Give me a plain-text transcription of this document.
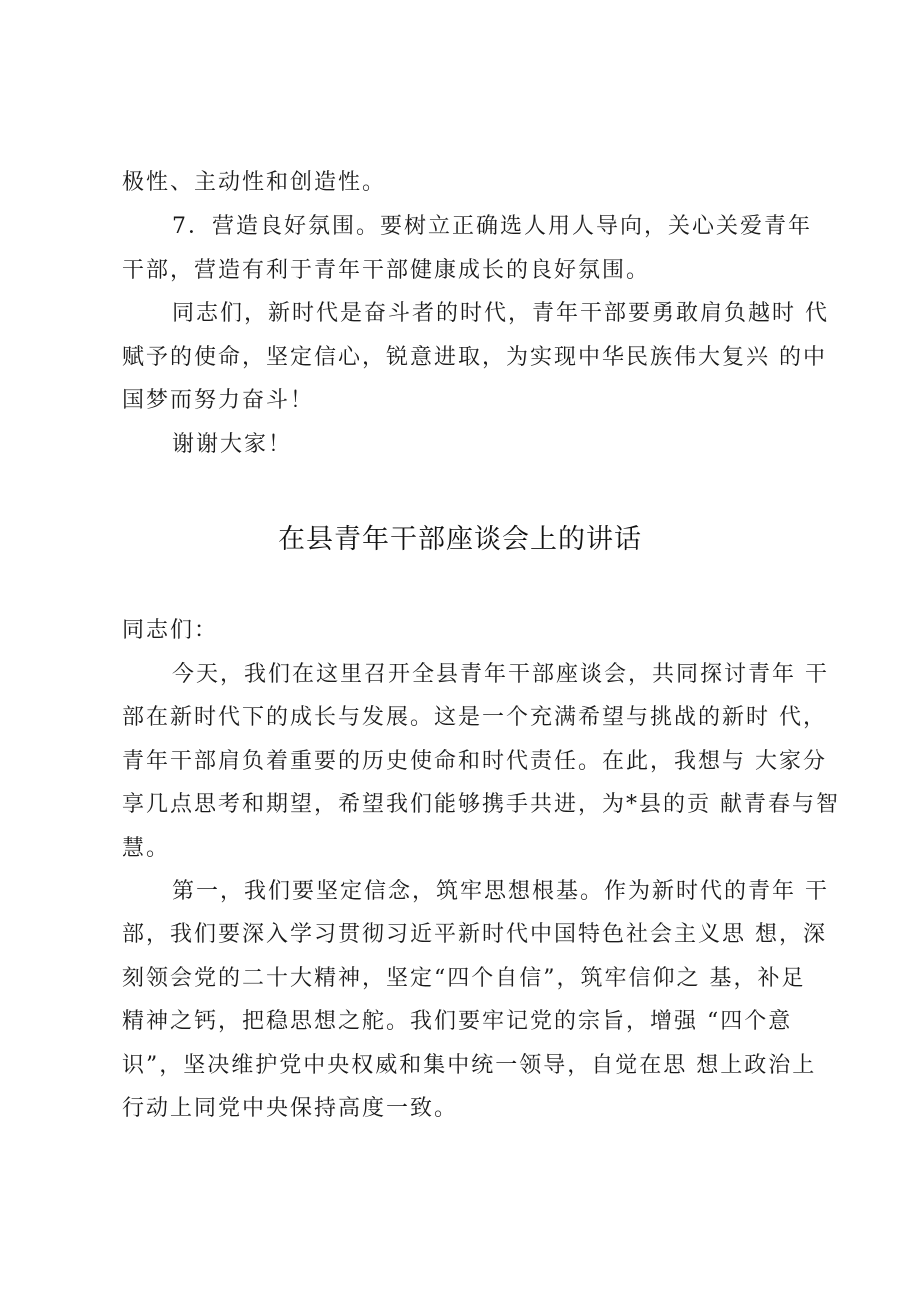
极性、主动性和创造性。
7．营造良好氛围。要树立正确选人用人导向，关心关爱青年
干部，营造有利于青年干部健康成长的良好氛围。
同志们，新时代是奋斗者的时代，青年干部要勇敢肩负越时 代
赋予的使命，坚定信心，锐意进取，为实现中华民族伟大复兴 的中
国梦而努力奋斗！
谢谢大家！
在县青年干部座谈会上的讲话
同志们：
今天，我们在这里召开全县青年干部座谈会，共同探讨青年 干
部在新时代下的成长与发展。这是一个充满希望与挑战的新时 代，
青年干部肩负着重要的历史使命和时代责任。在此，我想与 大家分
享几点思考和期望，希望我们能够携手共进，为*县的贡 献青春与智
慧。
第一，我们要坚定信念，筑牢思想根基。作为新时代的青年 干
部，我们要深入学习贯彻习近平新时代中国特色社会主义思 想，深
刻领会党的二十大精神，坚定“四个自信”，筑牢信仰之 基，补足
精神之钙，把稳思想之舵。我们要牢记党的宗旨，增强 “四个意
识”，坚决维护党中央权威和集中统一领导，自觉在思 想上政治上
行动上同党中央保持高度一致。
